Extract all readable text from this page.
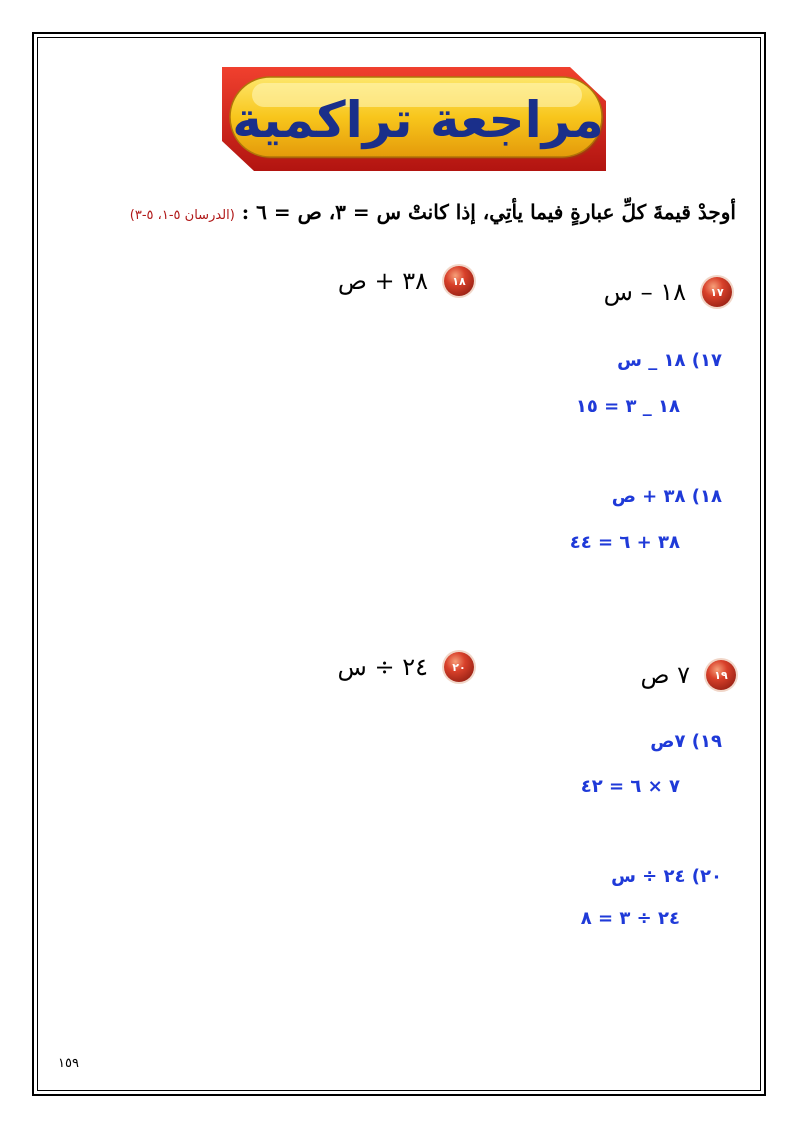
مراجعة تراكمية
أوجدْ قيمةَ كلِّ عبارةٍ فيما يأتِي، إذا كانتْ س = ٣، ص = ٦ : (الدرسان ٥-١، ٥-٣)
١٧
١٨ – س
١٨
٣٨ + ص
١٩
٧ ص
٢٠
٢٤ ÷ س
١٧) ١٨ _ س
١٨ _ ٣ = ١٥
١٨) ٣٨ + ص
٣٨ + ٦ = ٤٤
١٩) ٧ص
٧ × ٦ = ٤٢
٢٠) ٢٤ ÷ س
٢٤ ÷ ٣ = ٨
١٥٩
